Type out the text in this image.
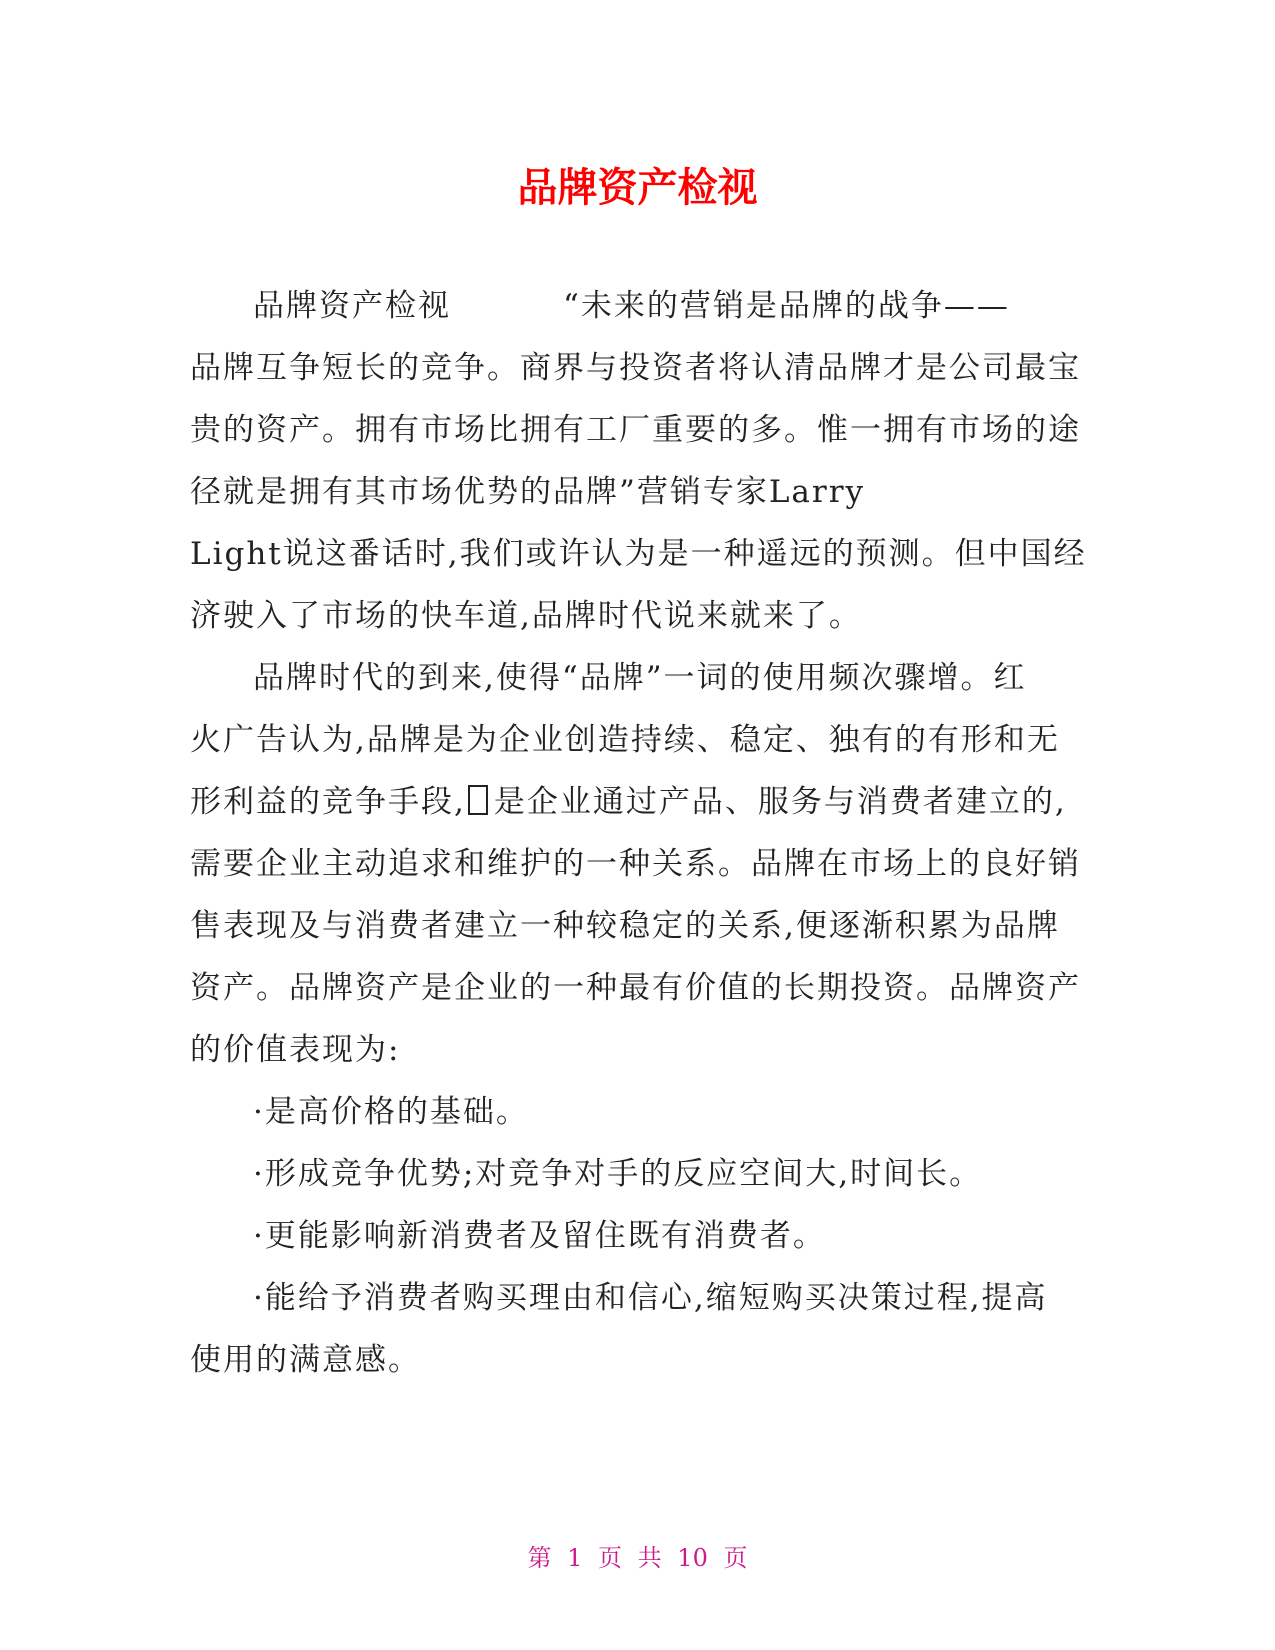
品牌资产检视
品牌资产检视	“未来的营销是品牌的战争——
品牌互争短长的竞争。商界与投资者将认清品牌才是公司最宝
贵的资产。拥有市场比拥有工厂重要的多。惟一拥有市场的途
径就是拥有其市场优势的品牌”营销专家Larry
Light说这番话时,我们或许认为是一种遥远的预测。但中国经
济驶入了市场的快车道,品牌时代说来就来了。
品牌时代的到来,使得“品牌”一词的使用频次骤增。红
火广告认为,品牌是为企业创造持续、稳定、独有的有形和无
形利益的竞争手段, 是企业通过产品、服务与消费者建立的,
需要企业主动追求和维护的一种关系。品牌在市场上的良好销
售表现及与消费者建立一种较稳定的关系,便逐渐积累为品牌
资产。品牌资产是企业的一种最有价值的长期投资。品牌资产
的价值表现为:
·是高价格的基础。
·形成竞争优势;对竞争对手的反应空间大,时间长。
·更能影响新消费者及留住既有消费者。
·能给予消费者购买理由和信心,缩短购买决策过程,提高
使用的满意感。
第 1 页 共 10 页
